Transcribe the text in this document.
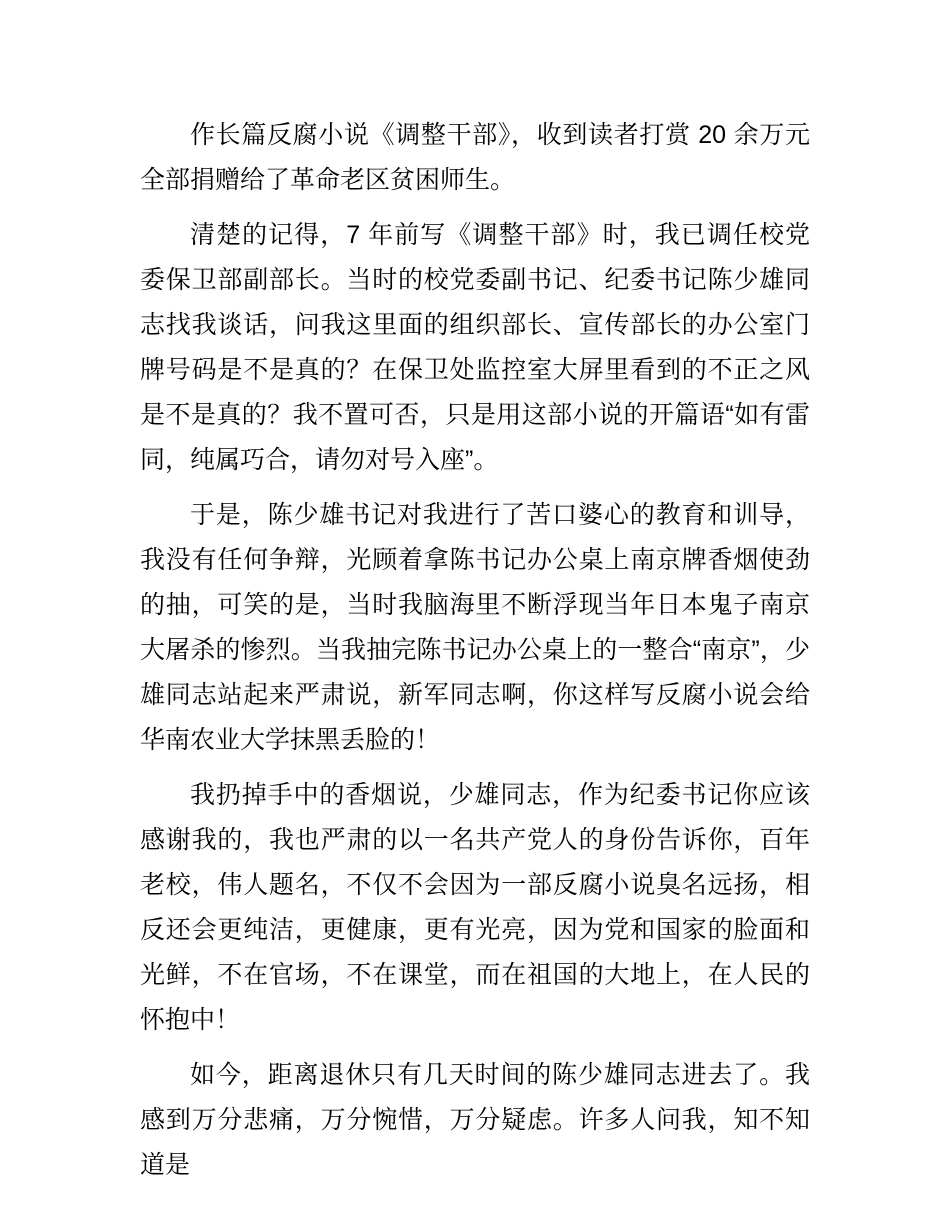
作长篇反腐小说《调整干部》，收到读者打赏 20 余万元全部捐赠给了革命老区贫困师生。

清楚的记得，7 年前写《调整干部》时，我已调任校党委保卫部副部长。当时的校党委副书记、纪委书记陈少雄同志找我谈话，问我这里面的组织部长、宣传部长的办公室门牌号码是不是真的？在保卫处监控室大屏里看到的不正之风是不是真的？我不置可否，只是用这部小说的开篇语“如有雷同，纯属巧合，请勿对号入座”。

于是，陈少雄书记对我进行了苦口婆心的教育和训导，我没有任何争辩，光顾着拿陈书记办公桌上南京牌香烟使劲的抽，可笑的是，当时我脑海里不断浮现当年日本鬼子南京大屠杀的惨烈。当我抽完陈书记办公桌上的一整合“南京”，少雄同志站起来严肃说，新军同志啊，你这样写反腐小说会给华南农业大学抹黑丢脸的！

我扔掉手中的香烟说，少雄同志，作为纪委书记你应该感谢我的，我也严肃的以一名共产党人的身份告诉你，百年老校，伟人题名，不仅不会因为一部反腐小说臭名远扬，相反还会更纯洁，更健康，更有光亮，因为党和国家的脸面和光鲜，不在官场，不在课堂，而在祖国的大地上，在人民的怀抱中！

如今，距离退休只有几天时间的陈少雄同志进去了。我感到万分悲痛，万分惋惜，万分疑虑。许多人问我，知不知道是
